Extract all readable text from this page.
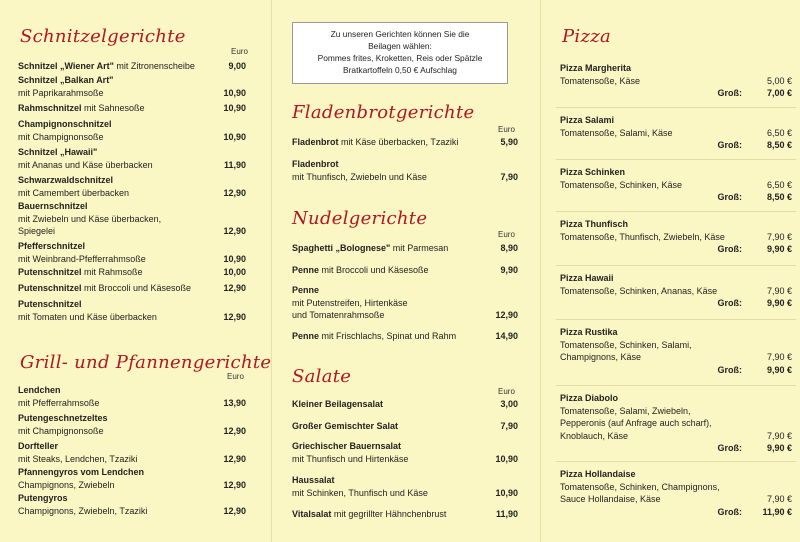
Schnitzelgerichte
Euro
Schnitzel „Wiener Art" mit Zitronenscheibe	9,00
Schnitzel „Balkan Art"
mit Paprikarahmsoße	10,90
Rahmschnitzel mit Sahnesoße	10,90
Champignonschnitzel
mit Champignonsoße	10,90
Schnitzel „Hawaii"
mit Ananas und Käse überbacken	11,90
Schwarzwaldschnitzel
mit Camembert überbacken	12,90
Bauernschnitzel
mit Zwiebeln und Käse überbacken,
Spiegelei	12,90
Pfefferschnitzel
mit Weinbrand-Pfefferrahmsoße	10,90
Putenschnitzel mit Rahmsoße	10,00
Putenschnitzel mit Broccoli und Käsesoße	12,90
Putenschnitzel
mit Tomaten und Käse überbacken	12,90
Grill- und Pfannengerichte
Euro
Lendchen
mit Pfefferrahmsoße	13,90
Putengeschnetzeltes
mit Champignonsoße	12,90
Dorfteller
mit Steaks, Lendchen, Tzaziki	12,90
Pfannengyros vom Lendchen
Champignons, Zwiebeln	12,90
Putengyros
Champignons, Zwiebeln, Tzaziki	12,90
Zu unseren Gerichten können Sie die
Beilagen wählen:
Pommes frites, Kroketten, Reis oder Spätzle
Bratkartoffeln 0,50 € Aufschlag
Fladenbrotgerichte
Euro
Fladenbrot mit Käse überbacken, Tzaziki	5,90
Fladenbrot
mit Thunfisch, Zwiebeln und Käse	7,90
Nudelgerichte
Euro
Spaghetti „Bolognese" mit Parmesan	8,90
Penne mit Broccoli und Käsesoße	9,90
Penne
mit Putenstreifen, Hirtenkäse
und Tomatenrahmsoße	12,90
Penne mit Frischlachs, Spinat und Rahm	14,90
Salate
Euro
Kleiner Beilagensalat	3,00
Großer Gemischter Salat	7,90
Griechischer Bauernsalat
mit Thunfisch und Hirtenkäse	10,90
Haussalat
mit Schinken, Thunfisch und Käse	10,90
Vitalsalat mit gegrillter Hähnchenbrust	11,90
Pizza
Pizza Margherita
Tomatensoße, Käse	5,00 €
Groß:	7,00 €
Pizza Salami
Tomatensoße, Salami, Käse	6,50 €
Groß:	8,50 €
Pizza Schinken
Tomatensoße, Schinken, Käse	6,50 €
Groß:	8,50 €
Pizza Thunfisch
Tomatensoße, Thunfisch, Zwiebeln, Käse	7,90 €
Groß:	9,90 €
Pizza Hawaii
Tomatensoße, Schinken, Ananas, Käse	7,90 €
Groß:	9,90 €
Pizza Rustika
Tomatensoße, Schinken, Salami,
Champignons, Käse	7,90 €
Groß:	9,90 €
Pizza Diabolo
Tomatensoße, Salami, Zwiebeln,
Pepperonis (auf Anfrage auch scharf),
Knoblauch, Käse	7,90 €
Groß:	9,90 €
Pizza Hollandaise
Tomatensoße, Schinken, Champignons,
Sauce Hollandaise, Käse	7,90 €
Groß:	11,90 €
